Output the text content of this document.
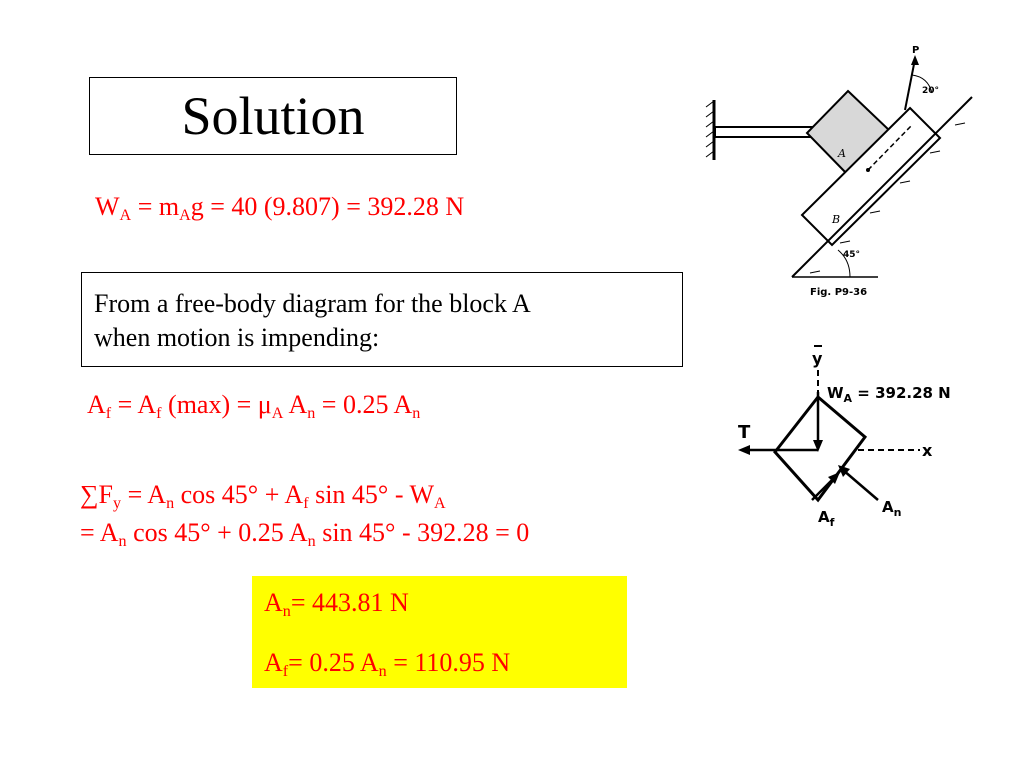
Solution
$W_A = m_Ag = 40$ (9.807) = 392.28 N
From a free-body diagram for the block A
when motion is impending:
$A_f = A_f$ $(\max) = \mu_A$ $A_n = 0.25$ $A_n$
$\sum F_y = A_n$ $\cos 45^\circ + A_f$ $\sin 45^\circ - W_A$
= $A_n$ cos 45° + 0.25 $A_n$ sin 45° - 392.28 = 0
$A_n= 443.81$ N
$A_f= 0.25$ $A_n = 110.95$ N
A
B
P
20°
45°
Fig. P9-36
y
x
$W_A = 392.28$ N
T
$A_n$
$A_f$
